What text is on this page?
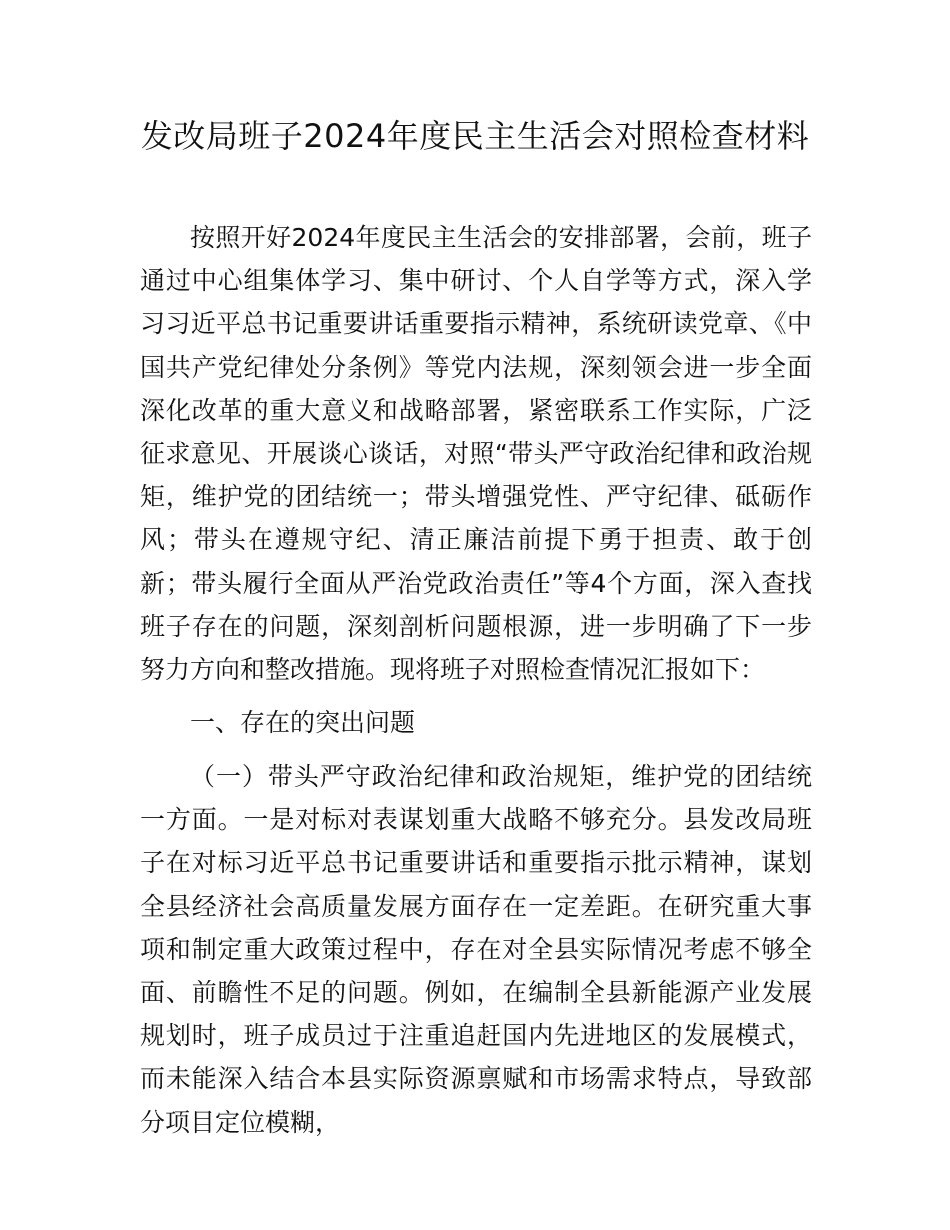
发改局班子2024年度民主生活会对照检查材料

按照开好2024年度民主生活会的安排部署，会前，班子通过中心组集体学习、集中研讨、个人自学等方式，深入学习习近平总书记重要讲话重要指示精神，系统研读党章、《中国共产党纪律处分条例》等党内法规，深刻领会进一步全面深化改革的重大意义和战略部署，紧密联系工作实际，广泛征求意见、开展谈心谈话，对照“带头严守政治纪律和政治规矩，维护党的团结统一；带头增强党性、严守纪律、砥砺作风；带头在遵规守纪、清正廉洁前提下勇于担责、敢于创新；带头履行全面从严治党政治责任”等4个方面，深入查找班子存在的问题，深刻剖析问题根源，进一步明确了下一步努力方向和整改措施。现将班子对照检查情况汇报如下：

一、存在的突出问题

（一）带头严守政治纪律和政治规矩，维护党的团结统一方面。一是对标对表谋划重大战略不够充分。县发改局班子在对标习近平总书记重要讲话和重要指示批示精神，谋划全县经济社会高质量发展方面存在一定差距。在研究重大事项和制定重大政策过程中，存在对全县实际情况考虑不够全面、前瞻性不足的问题。例如，在编制全县新能源产业发展规划时，班子成员过于注重追赶国内先进地区的发展模式，而未能深入结合本县实际资源禀赋和市场需求特点，导致部分项目定位模糊，
